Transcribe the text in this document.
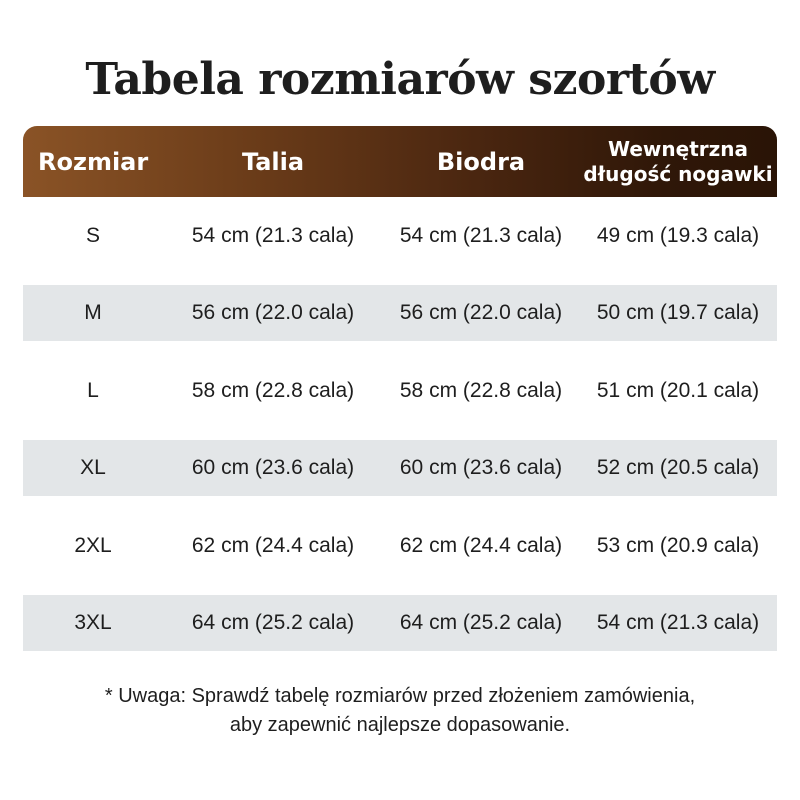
Tabela rozmiarów szortów
Rozmiar	Talia	Biodra	Wewnętrzna
długość nogawki
S	54 cm (21.3 cala)	54 cm (21.3 cala)	49 cm (19.3 cala)
M	56 cm (22.0 cala)	56 cm (22.0 cala)	50 cm (19.7 cala)
L	58 cm (22.8 cala)	58 cm (22.8 cala)	51 cm (20.1 cala)
XL	60 cm (23.6 cala)	60 cm (23.6 cala)	52 cm (20.5 cala)
2XL	62 cm (24.4 cala)	62 cm (24.4 cala)	53 cm (20.9 cala)
3XL	64 cm (25.2 cala)	64 cm (25.2 cala)	54 cm (21.3 cala)
* Uwaga: Sprawdź tabelę rozmiarów przed złożeniem zamówienia,
aby zapewnić najlepsze dopasowanie.
